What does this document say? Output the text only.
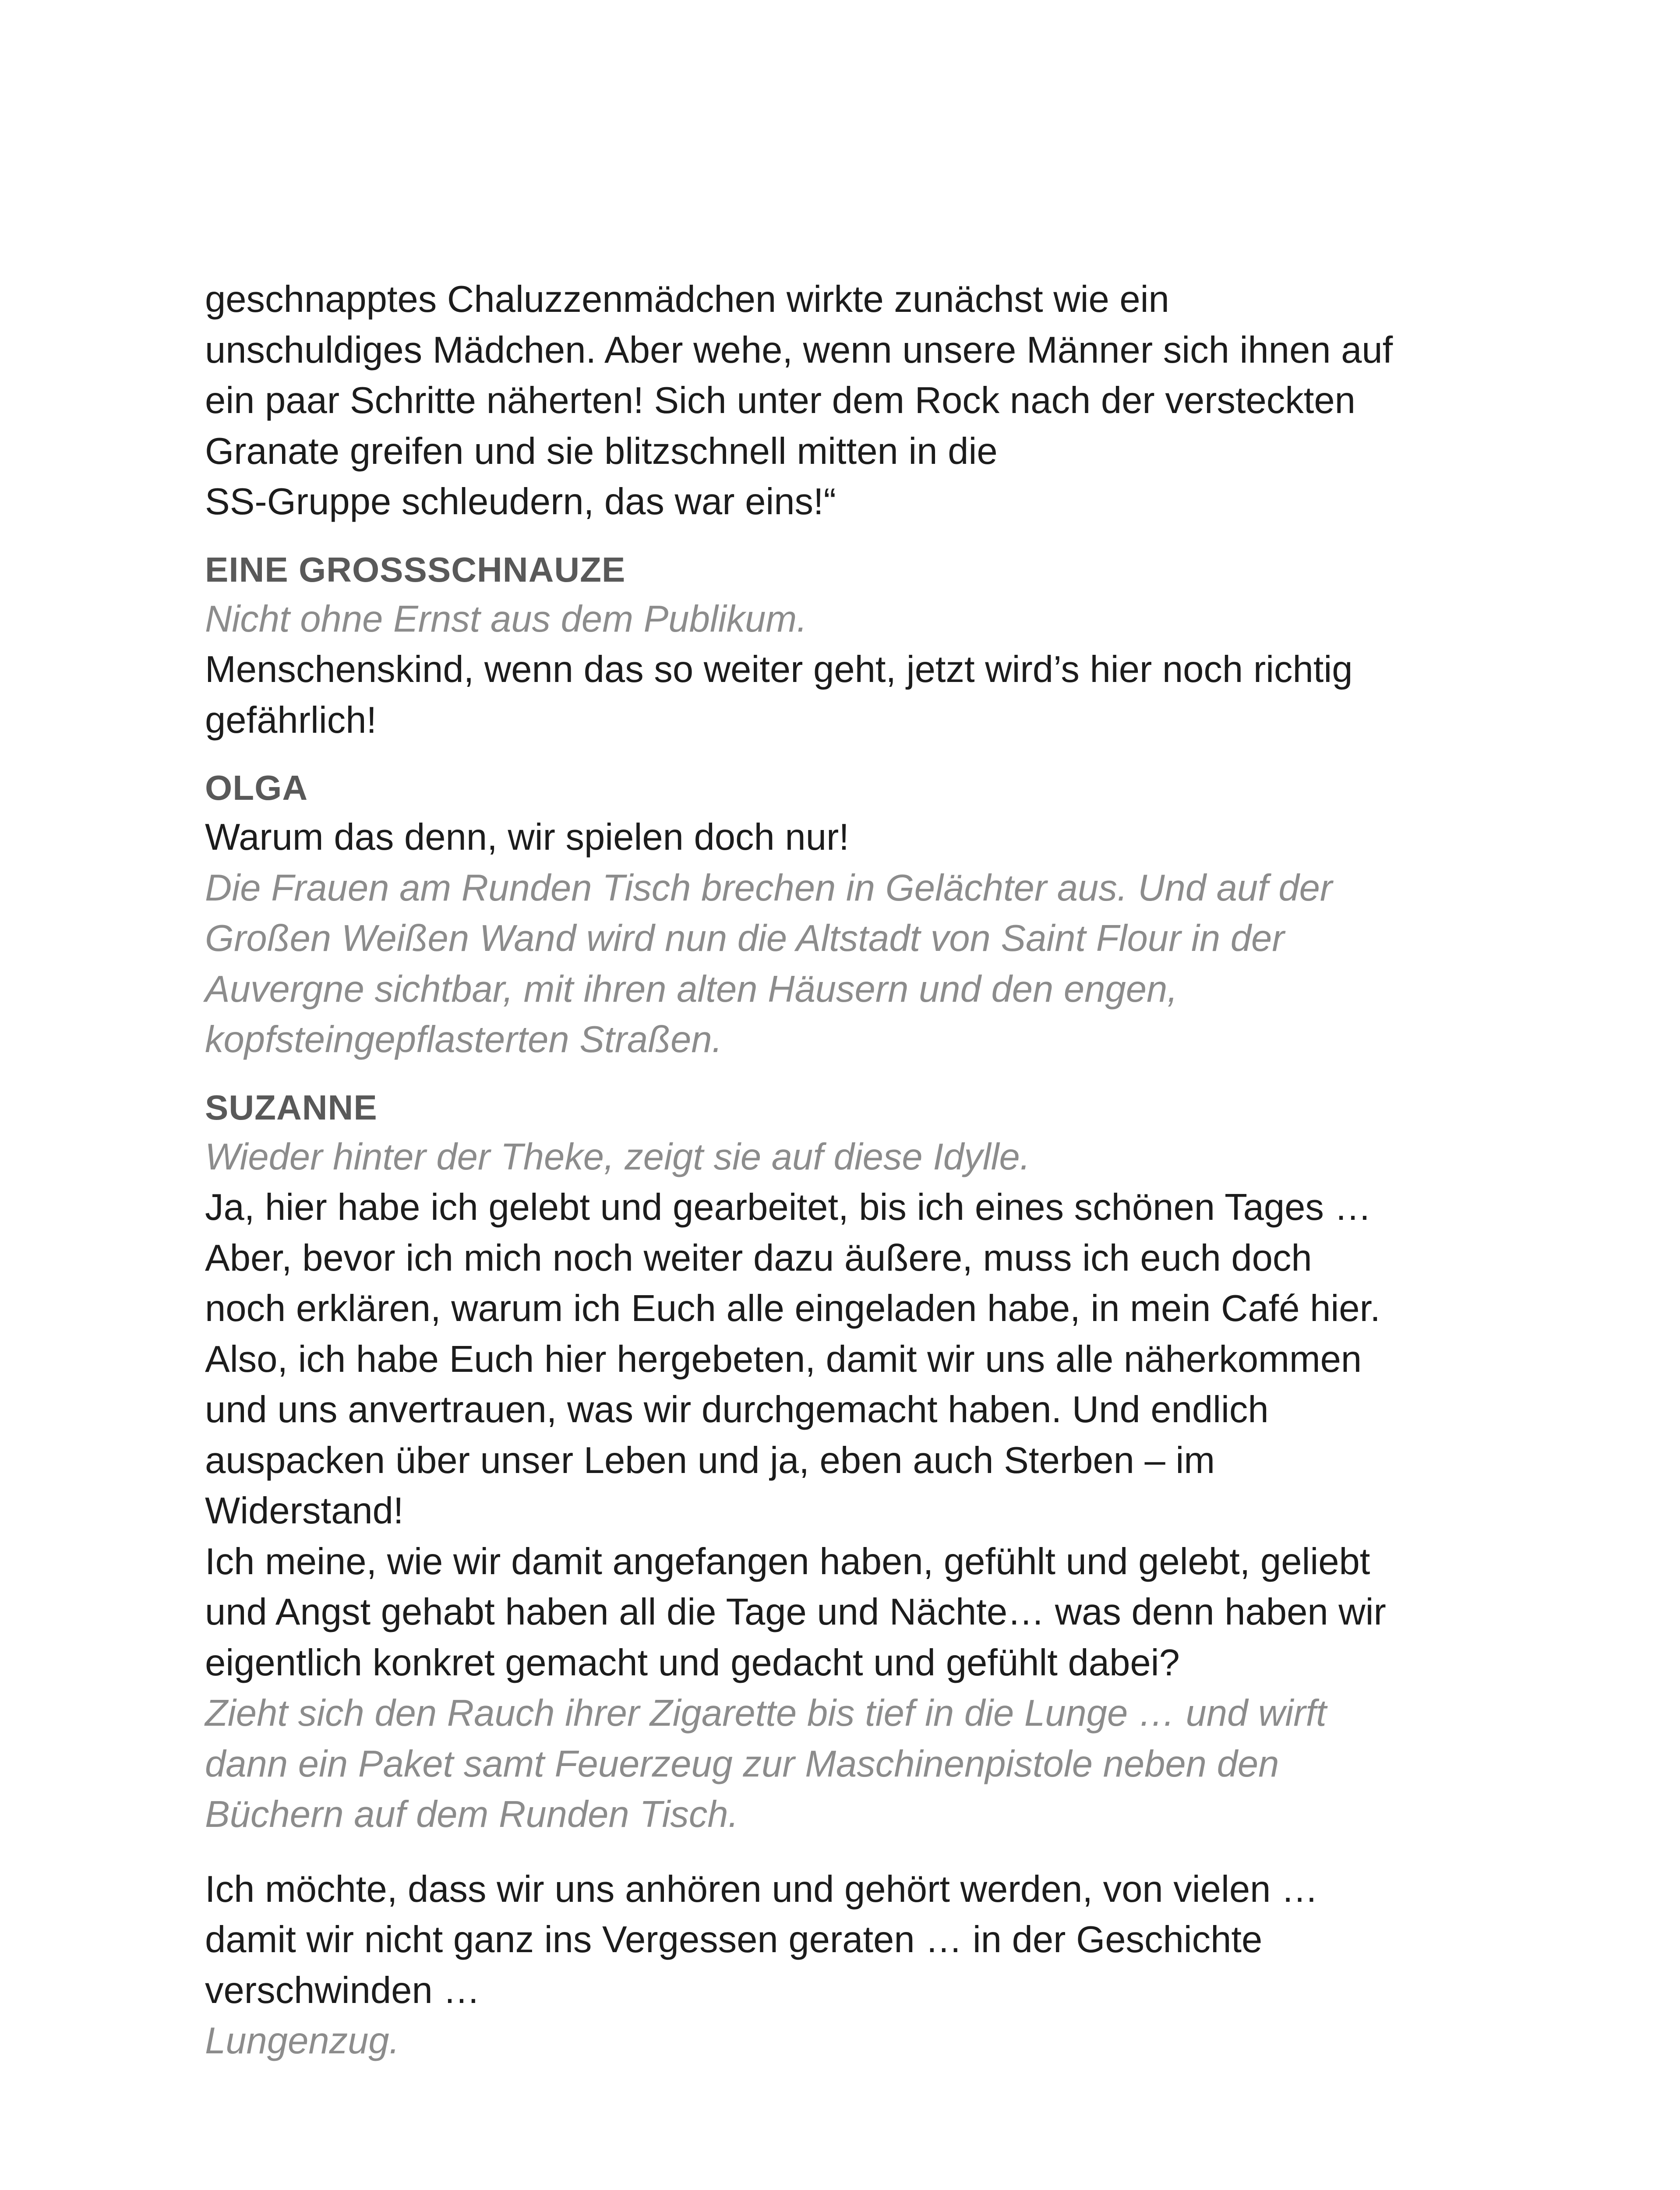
geschnapptes Chaluzzenmädchen wirkte zunächst wie ein
unschuldiges Mädchen. Aber wehe, wenn unsere Männer sich ihnen auf
ein paar Schritte näherten! Sich unter dem Rock nach der versteckten
Granate greifen und sie blitzschnell mitten in die
SS-Gruppe schleudern, das war eins!“
EINE GROSSSCHNAUZE
Nicht ohne Ernst aus dem Publikum.
Menschenskind, wenn das so weiter geht, jetzt wird’s hier noch richtig
gefährlich!
OLGA
Warum das denn, wir spielen doch nur!
Die Frauen am Runden Tisch brechen in Gelächter aus. Und auf der
Großen Weißen Wand wird nun die Altstadt von Saint Flour in der
Auvergne sichtbar, mit ihren alten Häusern und den engen,
kopfsteingepflasterten Straßen.
SUZANNE
Wieder hinter der Theke, zeigt sie auf diese Idylle.
Ja, hier habe ich gelebt und gearbeitet, bis ich eines schönen Tages …
Aber, bevor ich mich noch weiter dazu äußere, muss ich euch doch
noch erklären, warum ich Euch alle eingeladen habe, in mein Café hier.
Also, ich habe Euch hier hergebeten, damit wir uns alle näherkommen
und uns anvertrauen, was wir durchgemacht haben. Und endlich
auspacken über unser Leben und ja, eben auch Sterben – im
Widerstand!
Ich meine, wie wir damit angefangen haben, gefühlt und gelebt, geliebt
und Angst gehabt haben all die Tage und Nächte… was denn haben wir
eigentlich konkret gemacht und gedacht und gefühlt dabei?
Zieht sich den Rauch ihrer Zigarette bis tief in die Lunge … und wirft
dann ein Paket samt Feuerzeug zur Maschinenpistole neben den
Büchern auf dem Runden Tisch.
Ich möchte, dass wir uns anhören und gehört werden, von vielen …
damit wir nicht ganz ins Vergessen geraten … in der Geschichte
verschwinden …
Lungenzug.
